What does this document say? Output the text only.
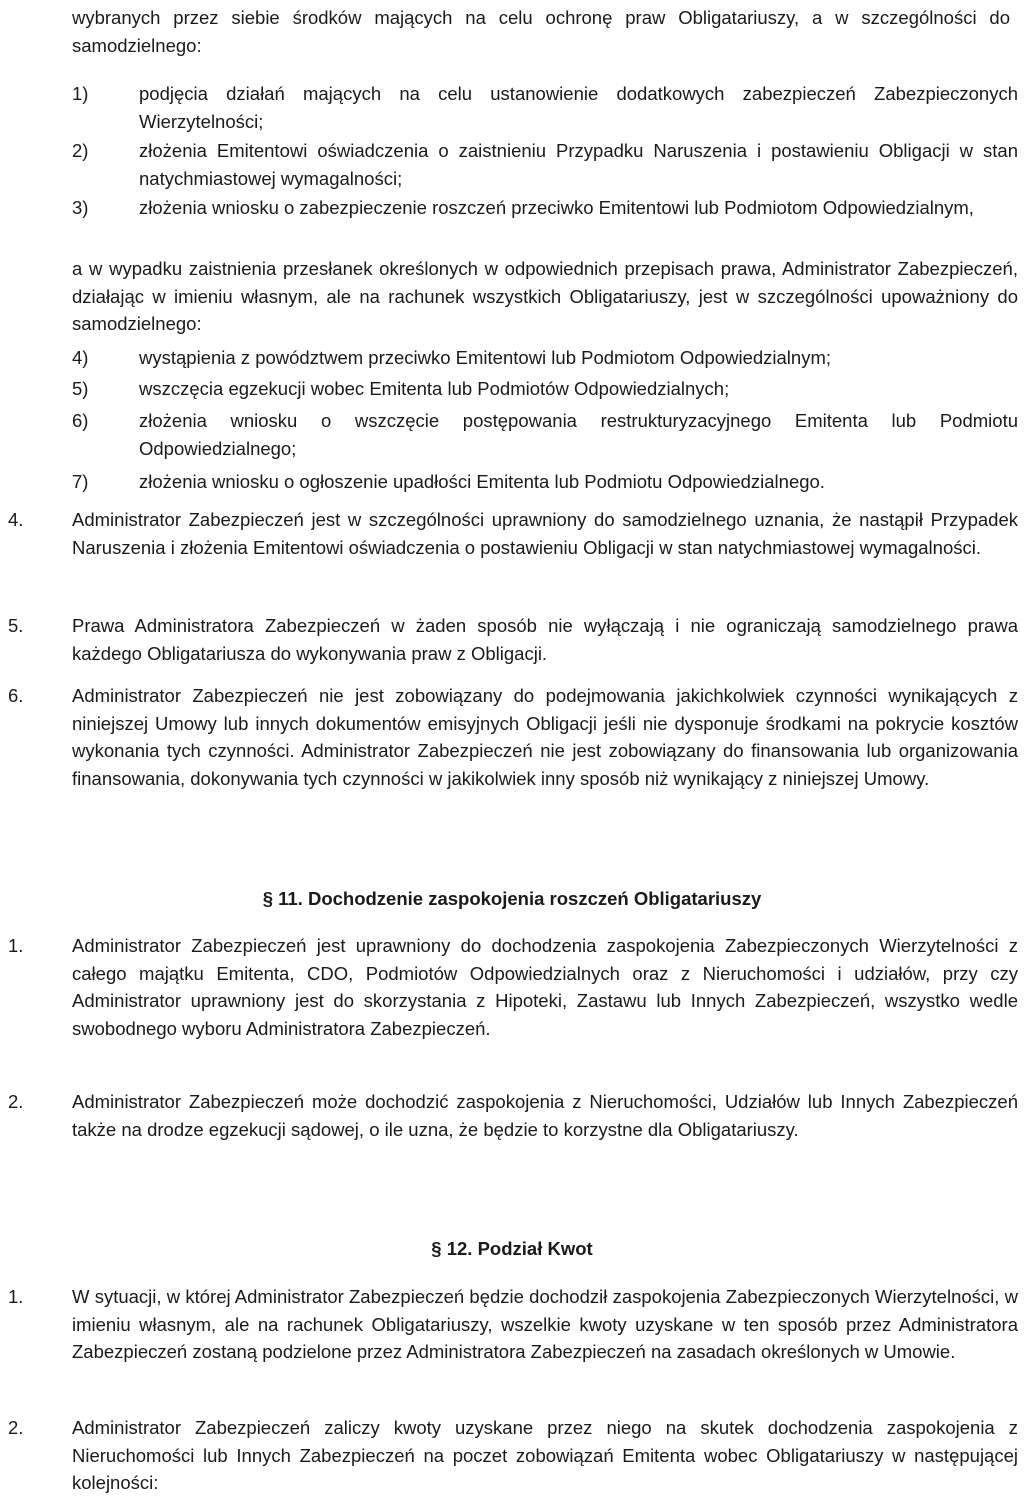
wybranych przez siebie środków mających na celu ochronę praw Obligatariuszy, a w szczególności do samodzielnego:
1)	podjęcia działań mających na celu ustanowienie dodatkowych zabezpieczeń Zabezpieczonych Wierzytelności;
2)	złożenia Emitentowi oświadczenia o zaistnieniu Przypadku Naruszenia i postawieniu Obligacji w stan natychmiastowej wymagalności;
3)	złożenia wniosku o zabezpieczenie roszczeń przeciwko Emitentowi lub Podmiotom Odpowiedzialnym,
a w wypadku zaistnienia przesłanek określonych w odpowiednich przepisach prawa, Administrator Zabezpieczeń, działając w imieniu własnym, ale na rachunek wszystkich Obligatariuszy, jest w szczególności upoważniony do samodzielnego:
4)	wystąpienia z powództwem przeciwko Emitentowi lub Podmiotom Odpowiedzialnym;
5)	wszczęcia egzekucji wobec Emitenta lub Podmiotów Odpowiedzialnych;
6)	złożenia wniosku o wszczęcie postępowania restrukturyzacyjnego Emitenta lub Podmiotu Odpowiedzialnego;
7)	złożenia wniosku o ogłoszenie upadłości Emitenta lub Podmiotu Odpowiedzialnego.
4.	Administrator Zabezpieczeń jest w szczególności uprawniony do samodzielnego uznania, że nastąpił Przypadek Naruszenia i złożenia Emitentowi oświadczenia o postawieniu Obligacji w stan natychmiastowej wymagalności.
5.	Prawa Administratora Zabezpieczeń w żaden sposób nie wyłączają i nie ograniczają samodzielnego prawa każdego Obligatariusza do wykonywania praw z Obligacji.
6.	Administrator Zabezpieczeń nie jest zobowiązany do podejmowania jakichkolwiek czynności wynikających z niniejszej Umowy lub innych dokumentów emisyjnych Obligacji jeśli nie dysponuje środkami na pokrycie kosztów wykonania tych czynności. Administrator Zabezpieczeń nie jest zobowiązany do finansowania lub organizowania finansowania, dokonywania tych czynności w jakikolwiek inny sposób niż wynikający z niniejszej Umowy.
§ 11. Dochodzenie zaspokojenia roszczeń Obligatariuszy
1.	Administrator Zabezpieczeń jest uprawniony do dochodzenia zaspokojenia Zabezpieczonych Wierzytelności z całego majątku Emitenta, CDO, Podmiotów Odpowiedzialnych oraz z Nieruchomości i udziałów, przy czy Administrator uprawniony jest do skorzystania z Hipoteki, Zastawu lub Innych Zabezpieczeń, wszystko wedle swobodnego wyboru Administratora Zabezpieczeń.
2.	Administrator Zabezpieczeń może dochodzić zaspokojenia z Nieruchomości, Udziałów lub Innych Zabezpieczeń także na drodze egzekucji sądowej, o ile uzna, że będzie to korzystne dla Obligatariuszy.
§ 12. Podział Kwot
1.	W sytuacji, w której Administrator Zabezpieczeń będzie dochodził zaspokojenia Zabezpieczonych Wierzytelności, w imieniu własnym, ale na rachunek Obligatariuszy, wszelkie kwoty uzyskane w ten sposób przez Administratora Zabezpieczeń zostaną podzielone przez Administratora Zabezpieczeń na zasadach określonych w Umowie.
2.	Administrator Zabezpieczeń zaliczy kwoty uzyskane przez niego na skutek dochodzenia zaspokojenia z Nieruchomości lub Innych Zabezpieczeń na poczet zobowiązań Emitenta wobec Obligatariuszy w następującej kolejności:
